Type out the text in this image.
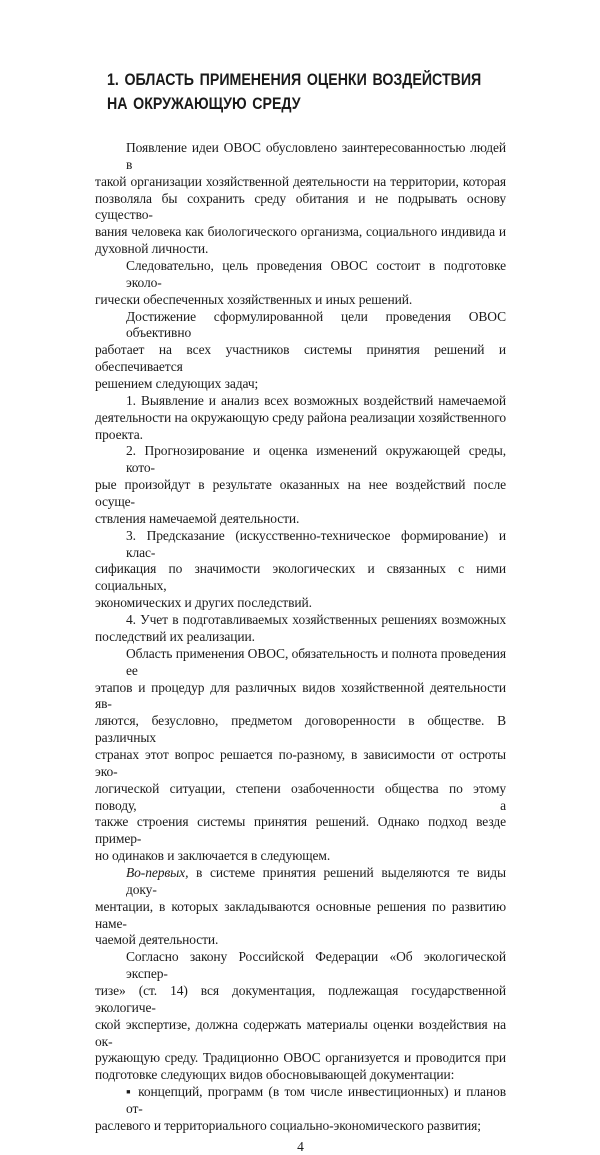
1. ОБЛАСТЬ ПРИМЕНЕНИЯ ОЦЕНКИ ВОЗДЕЙСТВИЯ
НА ОКРУЖАЮЩУЮ СРЕДУ
Появление идеи ОВОС обусловлено заинтересованностью людей в
такой организации хозяйственной деятельности на территории, которая
позволяла бы сохранить среду обитания и не подрывать основу существо-
вания человека как биологического организма, социального индивида и
духовной личности.
Следовательно, цель проведения ОВОС состоит в подготовке эколо-
гически обеспеченных хозяйственных и иных решений.
Достижение сформулированной цели проведения ОВОС объективно
работает на всех участников системы принятия решений и обеспечивается
решением следующих задач;
1. Выявление и анализ всех возможных воздействий намечаемой
деятельности на окружающую среду района реализации хозяйственного
проекта.
2. Прогнозирование и оценка изменений окружающей среды, кото-
рые произойдут в результате оказанных на нее воздействий после осуще-
ствления намечаемой деятельности.
3. Предсказание (искусственно-техническое формирование) и клас-
сификация по значимости экологических и связанных с ними социальных,
экономических и других последствий.
4. Учет в подготавливаемых хозяйственных решениях возможных
последствий их реализации.
Область применения ОВОС, обязательность и полнота проведения ее
этапов и процедур для различных видов хозяйственной деятельности яв-
ляются, безусловно, предметом договоренности в обществе. В различных
странах этот вопрос решается по-разному, в зависимости от остроты эко-
логической ситуации, степени озабоченности общества по этому поводу, а
также строения системы принятия решений. Однако подход везде пример-
но одинаков и заключается в следующем.
Во-первых, в системе принятия решений выделяются те виды доку-
ментации, в которых закладываются основные решения по развитию наме-
чаемой деятельности.
Согласно закону Российской Федерации «Об экологической экспер-
тизе» (ст. 14) вся документация, подлежащая государственной экологиче-
ской экспертизе, должна содержать материалы оценки воздействия на ок-
ружающую среду. Традиционно ОВОС организуется и проводится при
подготовке следующих видов обосновывающей документации:
▪ концепций, программ (в том числе инвестиционных) и планов от-
раслевого и территориального социально-экономического развития;
4
